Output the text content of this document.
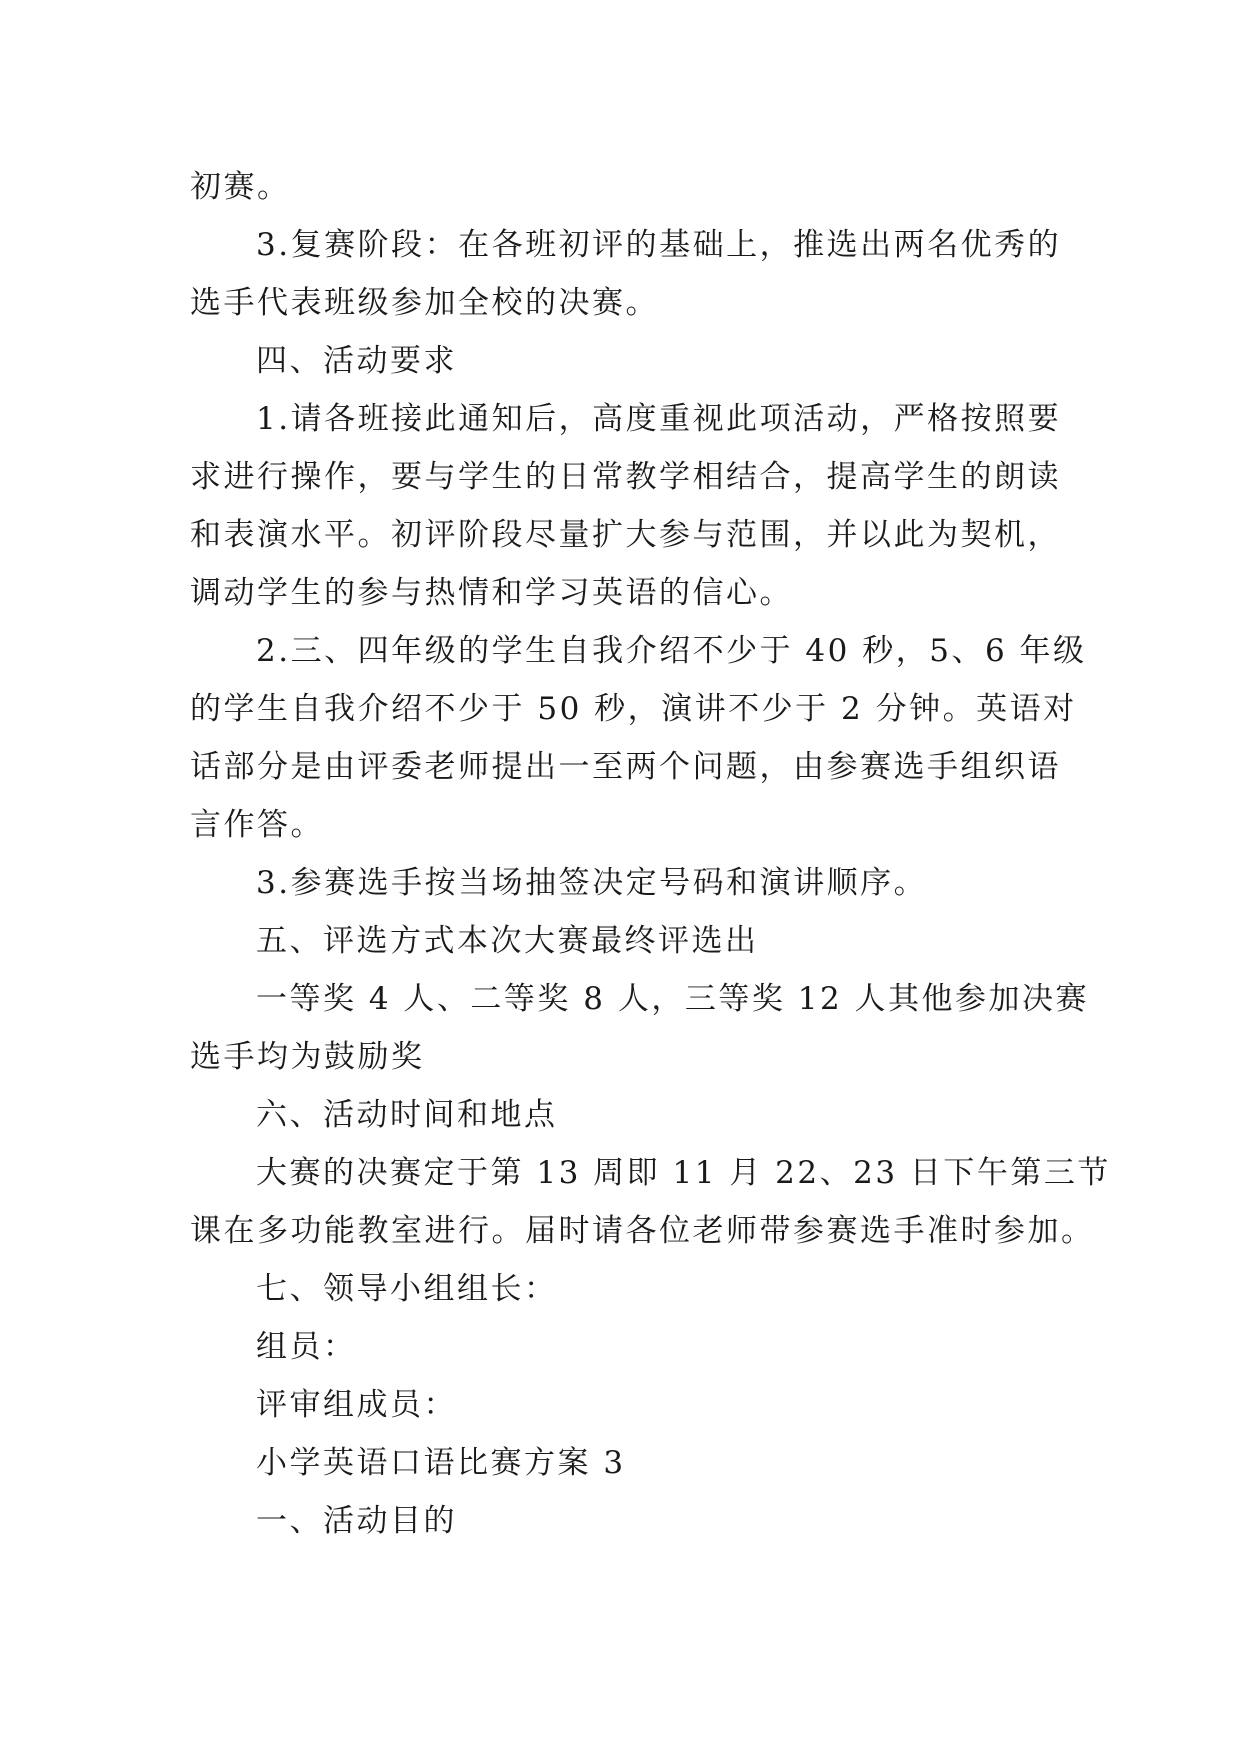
初赛。
3.复赛阶段：在各班初评的基础上，推选出两名优秀的
选手代表班级参加全校的决赛。
四、活动要求
1.请各班接此通知后，高度重视此项活动，严格按照要
求进行操作，要与学生的日常教学相结合，提高学生的朗读
和表演水平。初评阶段尽量扩大参与范围，并以此为契机，
调动学生的参与热情和学习英语的信心。
2.三、四年级的学生自我介绍不少于 40 秒，5、6 年级
的学生自我介绍不少于 50 秒，演讲不少于 2 分钟。英语对
话部分是由评委老师提出一至两个问题，由参赛选手组织语
言作答。
3.参赛选手按当场抽签决定号码和演讲顺序。
五、评选方式本次大赛最终评选出
一等奖 4 人、二等奖 8 人，三等奖 12 人其他参加决赛
选手均为鼓励奖
六、活动时间和地点
大赛的决赛定于第 13 周即 11 月 22、23 日下午第三节
课在多功能教室进行。届时请各位老师带参赛选手准时参加。
七、领导小组组长：
组员：
评审组成员：
小学英语口语比赛方案 3
一、活动目的
